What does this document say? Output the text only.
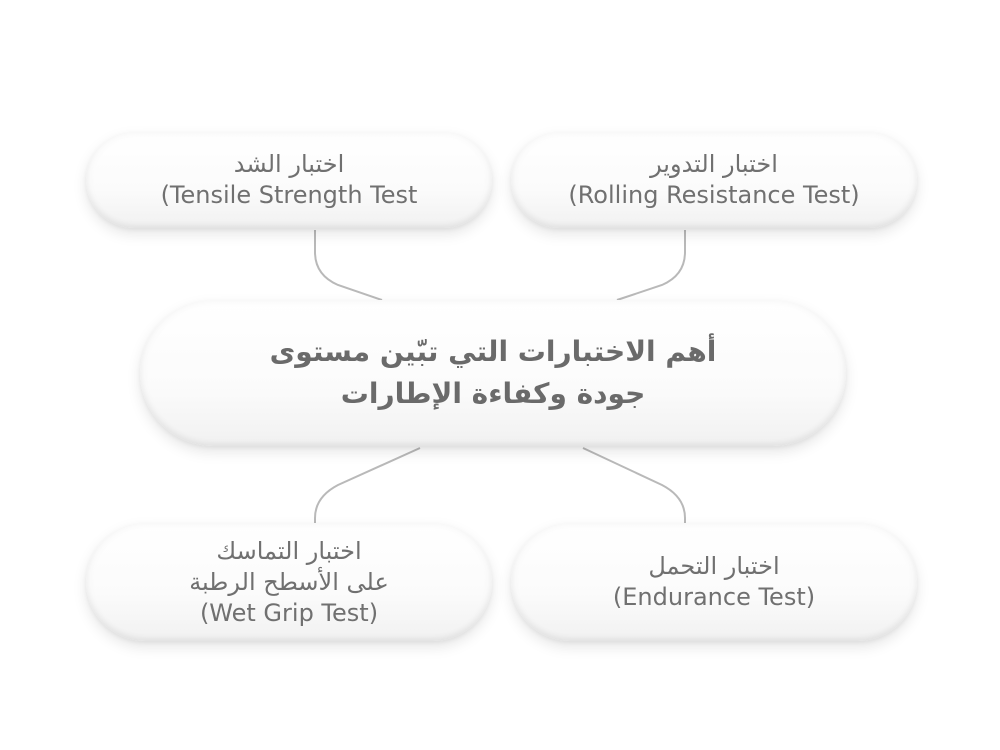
اختبار الشد
(Tensile Strength Test
اختبار التدوير
(Rolling Resistance Test)
أهم الاختبارات التي تبّين مستوى
جودة وكفاءة الإطارات
اختبار التماسك
على الأسطح الرطبة
(Wet Grip Test)
اختبار التحمل
(Endurance Test)
